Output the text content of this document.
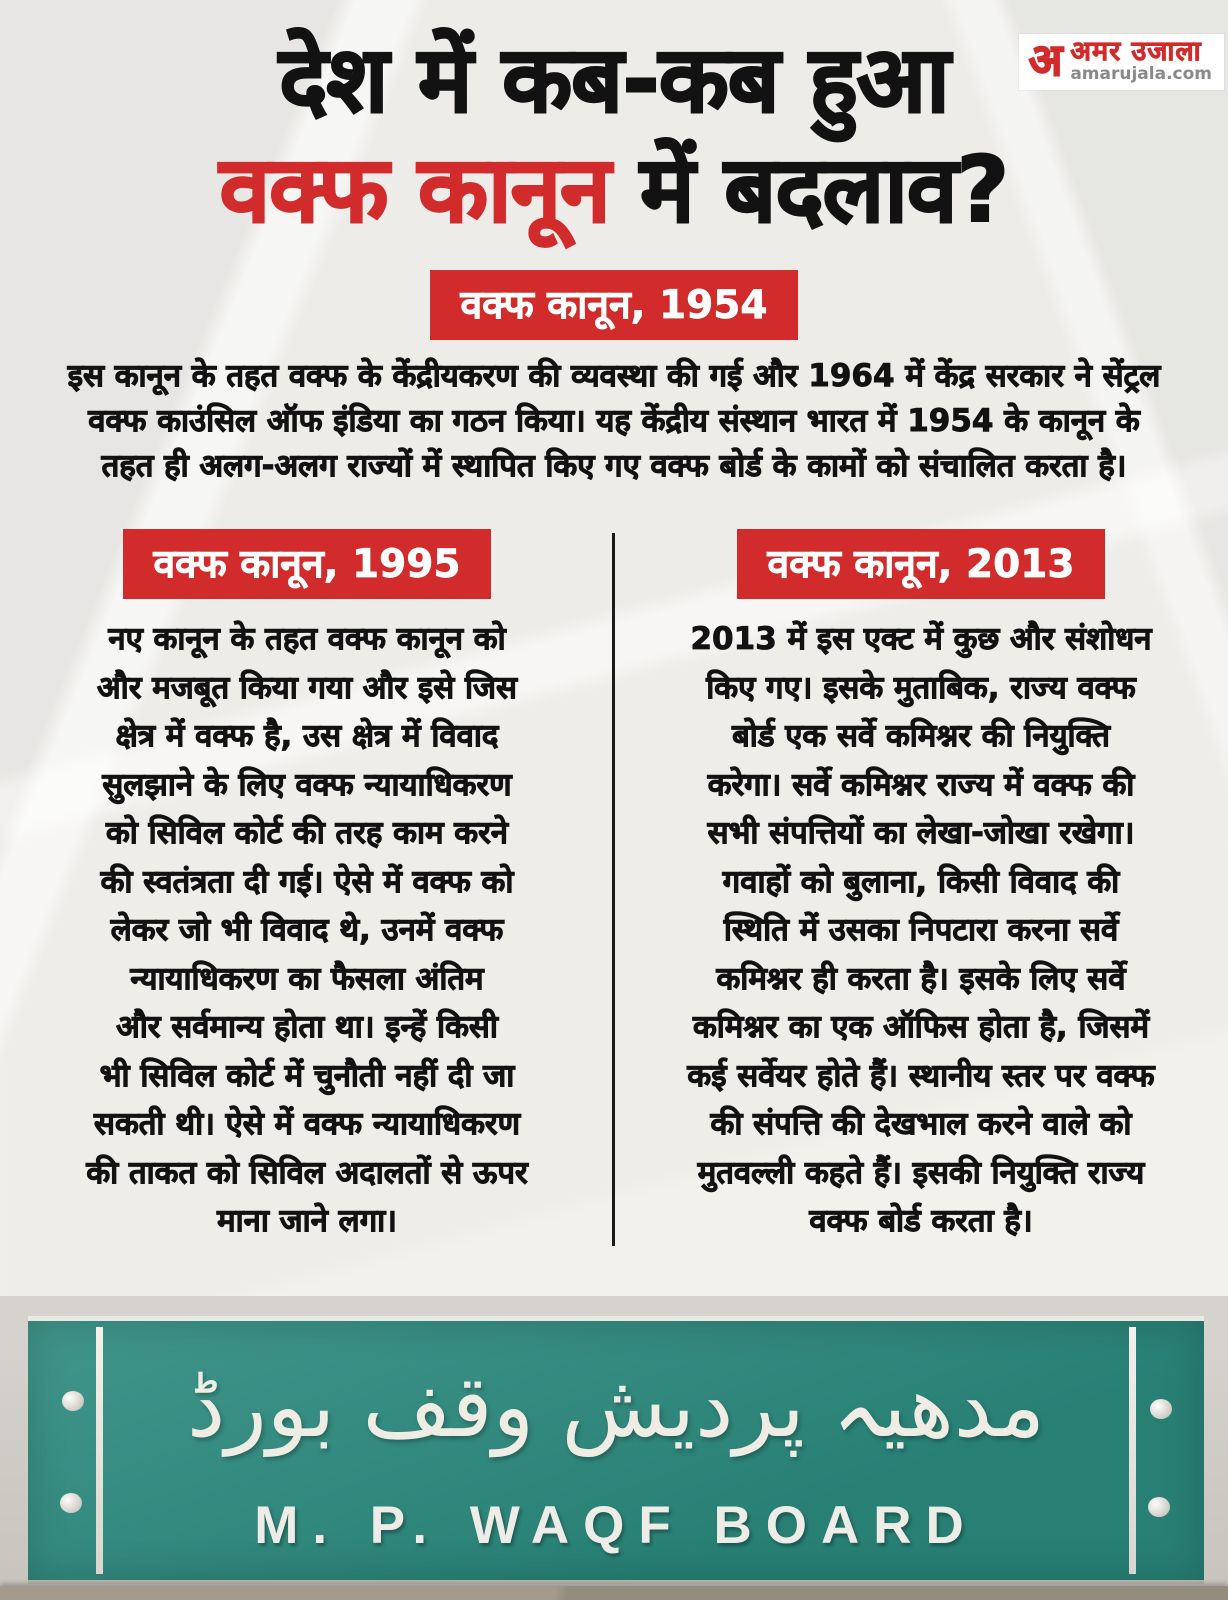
अ अमर उजाला
amarujala.com
देश में कब-कब हुआ
वक्फ कानून में बदलाव?
वक्फ कानून, 1954
इस कानून के तहत वक्फ के केंद्रीयकरण की व्यवस्था की गई और 1964 में केंद्र सरकार ने सेंट्रल
वक्फ काउंसिल ऑफ इंडिया का गठन किया। यह केंद्रीय संस्थान भारत में 1954 के कानून के
तहत ही अलग-अलग राज्यों में स्थापित किए गए वक्फ बोर्ड के कामों को संचालित करता है।
वक्फ कानून, 1995
नए कानून के तहत वक्फ कानून को
और मजबूत किया गया और इसे जिस
क्षेत्र में वक्फ है, उस क्षेत्र में विवाद
सुलझाने के लिए वक्फ न्यायाधिकरण
को सिविल कोर्ट की तरह काम करने
की स्वतंत्रता दी गई। ऐसे में वक्फ को
लेकर जो भी विवाद थे, उनमें वक्फ
न्यायाधिकरण का फैसला अंतिम
और सर्वमान्य होता था। इन्हें किसी
भी सिविल कोर्ट में चुनौती नहीं दी जा
सकती थी। ऐसे में वक्फ न्यायाधिकरण
की ताकत को सिविल अदालतों से ऊपर
माना जाने लगा।
वक्फ कानून, 2013
2013 में इस एक्ट में कुछ और संशोधन
किए गए। इसके मुताबिक, राज्य वक्फ
बोर्ड एक सर्वे कमिश्नर की नियुक्ति
करेगा। सर्वे कमिश्नर राज्य में वक्फ की
सभी संपत्तियों का लेखा-जोखा रखेगा।
गवाहों को बुलाना, किसी विवाद की
स्थिति में उसका निपटारा करना सर्वे
कमिश्नर ही करता है। इसके लिए सर्वे
कमिश्नर का एक ऑफिस होता है, जिसमें
कई सर्वेयर होते हैं। स्थानीय स्तर पर वक्फ
की संपत्ति की देखभाल करने वाले को
मुतवल्ली कहते हैं। इसकी नियुक्ति राज्य
वक्फ बोर्ड करता है।
مدھیہ پردیش وقف بورڈ
M. P. WAQF BOARD
